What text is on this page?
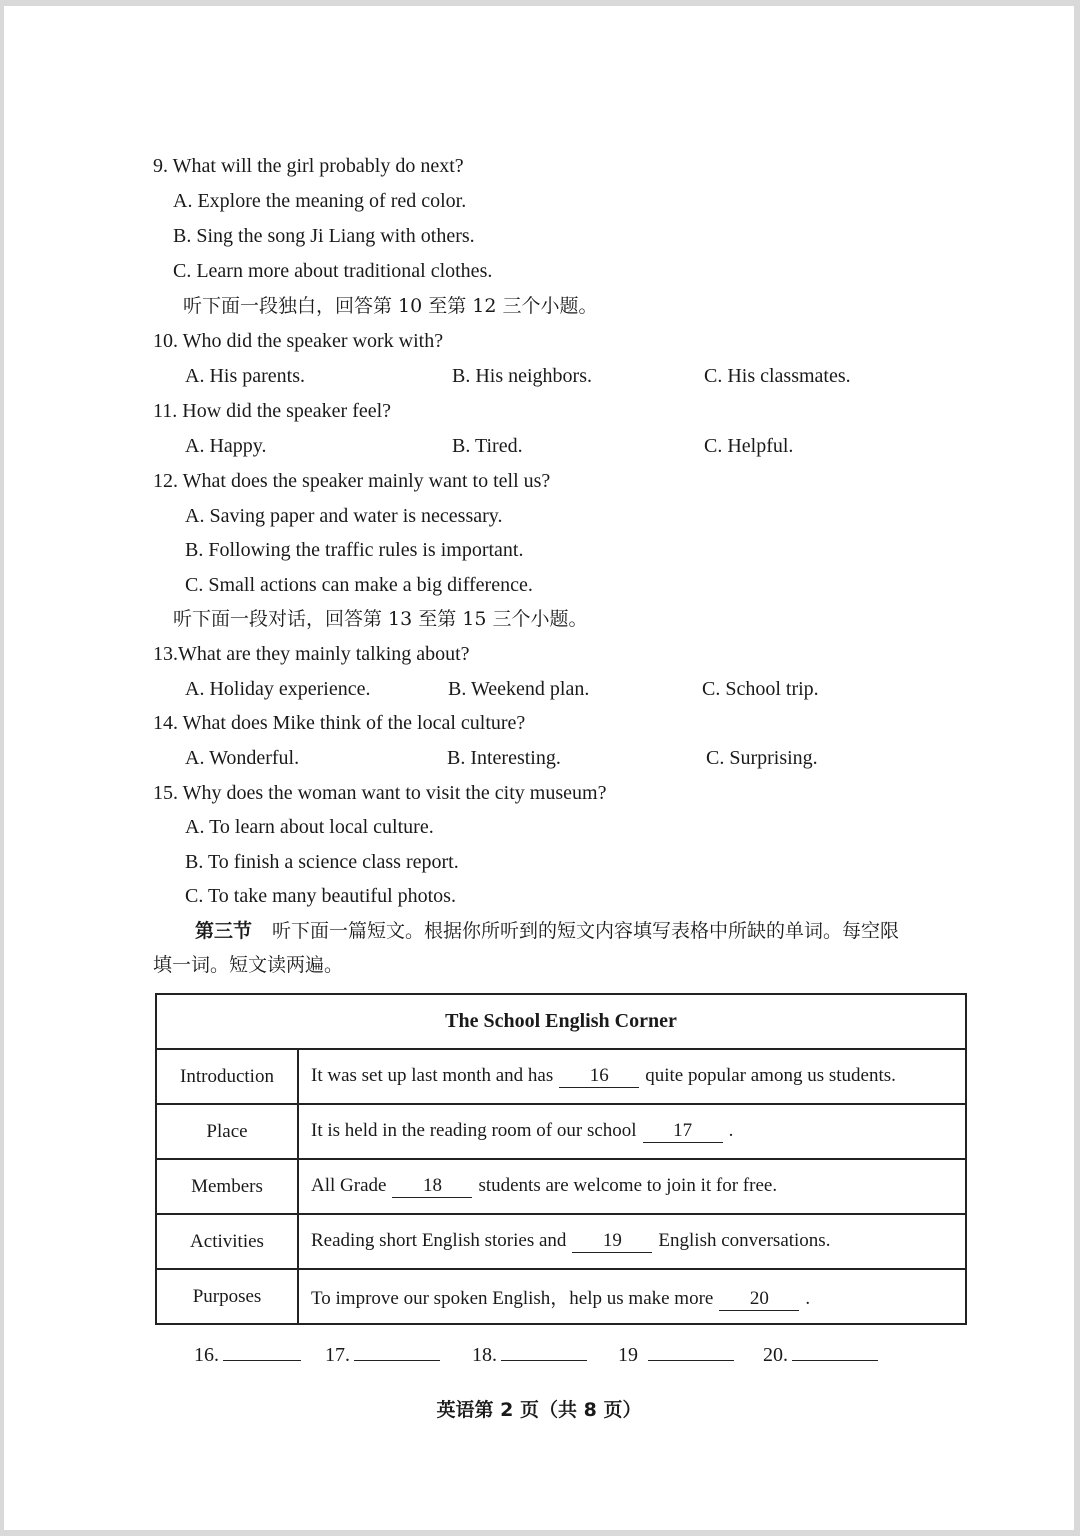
9. What will the girl probably do next?
A. Explore the meaning of red color.
B. Sing the song Ji Liang with others.
C. Learn more about traditional clothes.
听下面一段独白，回答第 10 至第 12 三个小题。
10. Who did the speaker work with?
A. His parents.	B. His neighbors.	C. His classmates.
11. How did the speaker feel?
A. Happy.	B. Tired.	C. Helpful.
12. What does the speaker mainly want to tell us?
A. Saving paper and water is necessary.
B. Following the traffic rules is important.
C. Small actions can make a big difference.
听下面一段对话，回答第 13 至第 15 三个小题。
13.What are they mainly talking about?
A. Holiday experience.	B. Weekend plan.	C. School trip.
14. What does Mike think of the local culture?
A. Wonderful.	B. Interesting.	C. Surprising.
15. Why does the woman want to visit the city museum?
A. To learn about local culture.
B. To finish a science class report.
C. To take many beautiful photos.
第三节 听下面一篇短文。根据你所听到的短文内容填写表格中所缺的单词。每空限
填一词。短文读两遍。
The School English Corner	
Introduction	It was set up last month and has 16 quite popular among us students.
Place	It is held in the reading room of our school 17 .
Members	All Grade 18 students are welcome to join it for free.
Activities	Reading short English stories and 19 English conversations.
Purposes	To improve our spoken English，help us make more 20 .
16.	17.	18.	19	20.
英语第 2 页（共 8 页）
